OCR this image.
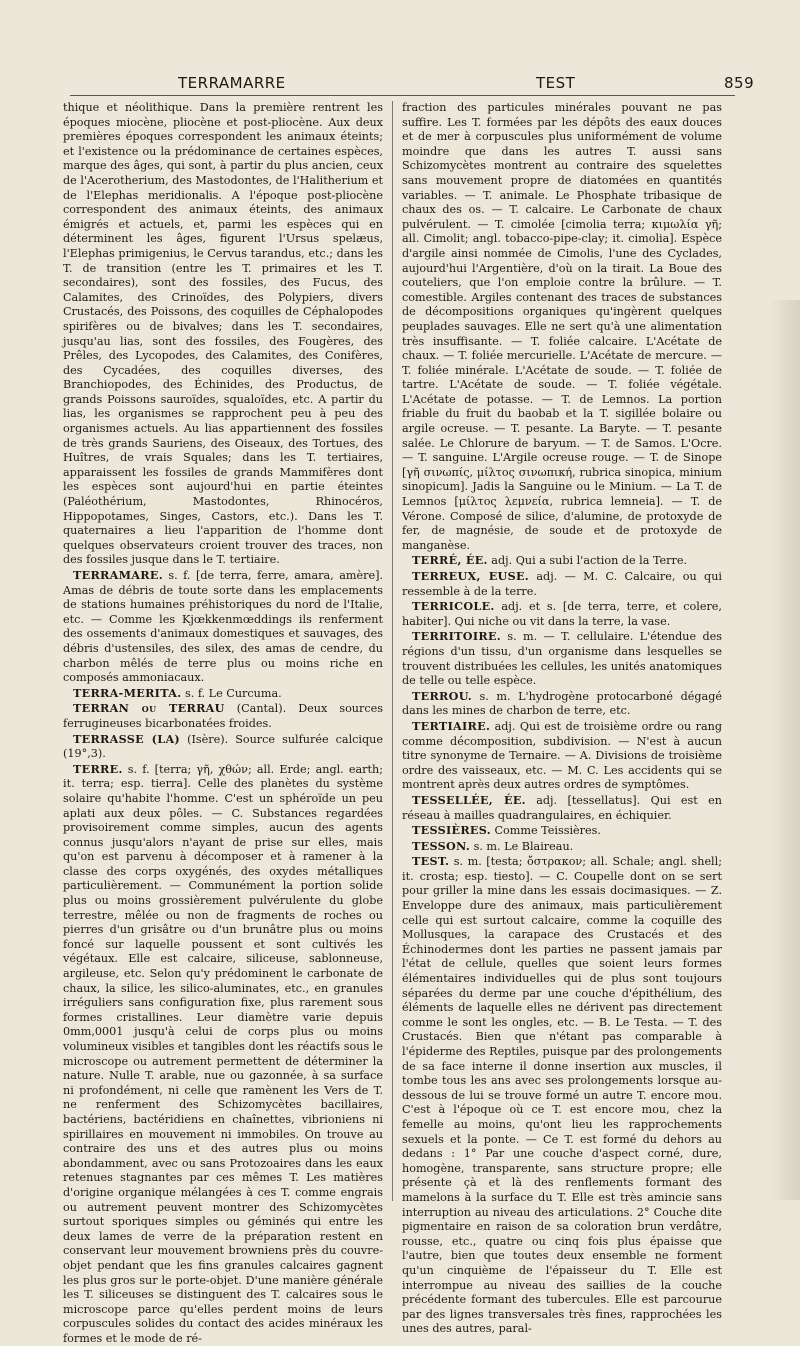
TERRAMARRE	TEST	859

thique et néolithique. Dans la première rentrent les époques miocène, pliocène et post-pliocène. Aux deux premières époques correspondent les animaux éteints; et l'existence ou la prédominance de certaines espèces, marque des âges, qui sont, à partir du plus ancien, ceux de l'Acerotherium, des Mastodontes, de l'Halitherium et de l'Elephas meridionalis. A l'époque post-pliocène correspondent des animaux éteints, des animaux émigrés et actuels, et, parmi les espèces qui en déterminent les âges, figurent l'Ursus spelæus, l'Elephas primigenius, le Cervus tarandus, etc.; dans les T. de transition (entre les T. primaires et les T. secondaires), sont des fossiles, des Fucus, des Calamites, des Crinoïdes, des Polypiers, divers Crustacés, des Poissons, des coquilles de Céphalopodes spirifères ou de bivalves; dans les T. secondaires, jusqu'au lias, sont des fossiles, des Fougères, des Prêles, des Lycopodes, des Calamites, des Conifères, des Cycadées, des coquilles diverses, des Branchiopodes, des Échinides, des Productus, de grands Poissons sauroïdes, squaloïdes, etc. A partir du lias, les organismes se rapprochent peu à peu des organismes actuels. Au lias appartiennent des fossiles de très grands Sauriens, des Oiseaux, des Tortues, des Huîtres, de vrais Squales; dans les T. tertiaires, apparaissent les fossiles de grands Mammifères dont les espèces sont aujourd'hui en partie éteintes (Paléothérium, Mastodontes, Rhinocéros, Hippopotames, Singes, Castors, etc.). Dans les T. quaternaires a lieu l'apparition de l'homme dont quelques observateurs croient trouver des traces, non des fossiles jusque dans le T. tertiaire.

TERRAMARE. s. f. [de terra, ferre, amara, amère]. Amas de débris de toute sorte dans les emplacements de stations humaines préhistoriques du nord de l'Italie, etc. — Comme les Kjœkkenmœddings ils renferment des ossements d'animaux domestiques et sauvages, des débris d'ustensiles, des silex, des amas de cendre, du charbon mêlés de terre plus ou moins riche en composés ammoniacaux.

TERRA-MERITA. s. f. Le Curcuma.

TERRAN ou TERRAU (Cantal). Deux sources ferrugineuses bicarbonatées froides.

TERRASSE (LA) (Isère). Source sulfurée calcique (19°,3).

TERRE. s. f. [terra; γῆ, χθών; all. Erde; angl. earth; it. terra; esp. tierra]. Celle des planètes du système solaire qu'habite l'homme. C'est un sphéroïde un peu aplati aux deux pôles. — C. Substances regardées provisoirement comme simples, aucun des agents connus jusqu'alors n'ayant de prise sur elles, mais qu'on est parvenu à décomposer et à ramener à la classe des corps oxygénés, des oxydes métalliques particulièrement. — Communément la portion solide plus ou moins grossièrement pulvérulente du globe terrestre, mêlée ou non de fragments de roches ou pierres d'un grisâtre ou d'un brunâtre plus ou moins foncé sur laquelle poussent et sont cultivés les végétaux. Elle est calcaire, siliceuse, sablonneuse, argileuse, etc. Selon qu'y prédominent le carbonate de chaux, la silice, les silico-aluminates, etc., en granules irréguliers sans configuration fixe, plus rarement sous formes cristallines. Leur diamètre varie depuis 0mm,0001 jusqu'à celui de corps plus ou moins volumineux visibles et tangibles dont les réactifs sous le microscope ou autrement permettent de déterminer la nature. Nulle T. arable, nue ou gazonnée, à sa surface ni profondément, ni celle que ramènent les Vers de T. ne renferment des Schizomycètes bacillaires, bactériens, bactéridiens en chaînettes, vibrioniens ni spirillaires en mouvement ni immobiles. On trouve au contraire des uns et des autres plus ou moins abondamment, avec ou sans Protozoaires dans les eaux retenues stagnantes par ces mêmes T. Les matières d'origine organique mélangées à ces T. comme engrais ou autrement peuvent montrer des Schizomycètes surtout sporiques simples ou géminés qui entre les deux lames de verre de la préparation restent en conservant leur mouvement browniens près du couvre-objet pendant que les fins granules calcaires gagnent les plus gros sur le porte-objet. D'une manière générale les T. siliceuses se distinguent des T. calcaires sous le microscope parce qu'elles perdent moins de leurs corpuscules solides du contact des acides minéraux les formes et le mode de ré-

fraction des particules minérales pouvant ne pas suffire. Les T. formées par les dépôts des eaux douces et de mer à corpuscules plus uniformément de volume moindre que dans les autres T. aussi sans Schizomycètes montrent au contraire des squelettes sans mouvement propre de diatomées en quantités variables. — T. animale. Le Phosphate tribasique de chaux des os. — T. calcaire. Le Carbonate de chaux pulvérulent. — T. cimolée [cimolia terra; κιμωλία γῆ; all. Cimolit; angl. tobacco-pipe-clay; it. cimolia]. Espèce d'argile ainsi nommée de Cimolis, l'une des Cyclades, aujourd'hui l'Argentière, d'où on la tirait. La Boue des couteliers, que l'on emploie contre la brûlure. — T. comestible. Argiles contenant des traces de substances de décompositions organiques qu'ingèrent quelques peuplades sauvages. Elle ne sert qu'à une alimentation très insuffisante. — T. foliée calcaire. L'Acétate de chaux. — T. foliée mercurielle. L'Acétate de mercure. — T. foliée minérale. L'Acétate de soude. — T. foliée de tartre. L'Acétate de soude. — T. foliée végétale. L'Acétate de potasse. — T. de Lemnos. La portion friable du fruit du baobab et la T. sigillée bolaire ou argile ocreuse. — T. pesante. La Baryte. — T. pesante salée. Le Chlorure de baryum. — T. de Samos. L'Ocre. — T. sanguine. L'Argile ocreuse rouge. — T. de Sinope [γῆ σινωπίς, μίλτος σινωπική, rubrica sinopica, minium sinopicum]. Jadis la Sanguine ou le Minium. — La T. de Lemnos [μίλτος λεμνεία, rubrica lemneia]. — T. de Vérone. Composé de silice, d'alumine, de protoxyde de fer, de magnésie, de soude et de protoxyde de manganèse.

TERRÉ, ÉE. adj. Qui a subi l'action de la Terre.

TERREUX, EUSE. adj. — M. C. Calcaire, ou qui ressemble à de la terre.

TERRICOLE. adj. et s. [de terra, terre, et colere, habiter]. Qui niche ou vit dans la terre, la vase.

TERRITOIRE. s. m. — T. cellulaire. L'étendue des régions d'un tissu, d'un organisme dans lesquelles se trouvent distribuées les cellules, les unités anatomiques de telle ou telle espèce.

TERROU. s. m. L'hydrogène protocarboné dégagé dans les mines de charbon de terre, etc.

TERTIAIRE. adj. Qui est de troisième ordre ou rang comme décomposition, subdivision. — N'est à aucun titre synonyme de Ternaire. — A. Divisions de troisième ordre des vaisseaux, etc. — M. C. Les accidents qui se montrent après deux autres ordres de symptômes.

TESSELLÉE, ÉE. adj. [tessellatus]. Qui est en réseau à mailles quadrangulaires, en échiquier.

TESSIÈRES. Comme Teissières.

TESSON. s. m. Le Blaireau.

TEST. s. m. [testa; ὄστρακον; all. Schale; angl. shell; it. crosta; esp. tiesto]. — C. Coupelle dont on se sert pour griller la mine dans les essais docimasiques. — Z. Enveloppe dure des animaux, mais particulièrement celle qui est surtout calcaire, comme la coquille des Mollusques, la carapace des Crustacés et des Échinodermes dont les parties ne passent jamais par l'état de cellule, quelles que soient leurs formes élémentaires individuelles qui de plus sont toujours séparées du derme par une couche d'épithélium, des éléments de laquelle elles ne dérivent pas directement comme le sont les ongles, etc. — B. Le Testa. — T. des Crustacés. Bien que n'étant pas comparable à l'épiderme des Reptiles, puisque par des prolongements de sa face interne il donne insertion aux muscles, il tombe tous les ans avec ses prolongements lorsque au-dessous de lui se trouve formé un autre T. encore mou. C'est à l'époque où ce T. est encore mou, chez la femelle au moins, qu'ont lieu les rapprochements sexuels et la ponte. — Ce T. est formé du dehors au dedans : 1° Par une couche d'aspect corné, dure, homogène, transparente, sans structure propre; elle présente çà et là des renflements formant des mamelons à la surface du T. Elle est très amincie sans interruption au niveau des articulations. 2° Couche dite pigmentaire en raison de sa coloration brun verdâtre, rousse, etc., quatre ou cinq fois plus épaisse que l'autre, bien que toutes deux ensemble ne forment qu'un cinquième de l'épaisseur du T. Elle est interrompue au niveau des saillies de la couche précédente formant des tubercules. Elle est parcourue par des lignes transversales très fines, rapprochées les unes des autres, paral-
